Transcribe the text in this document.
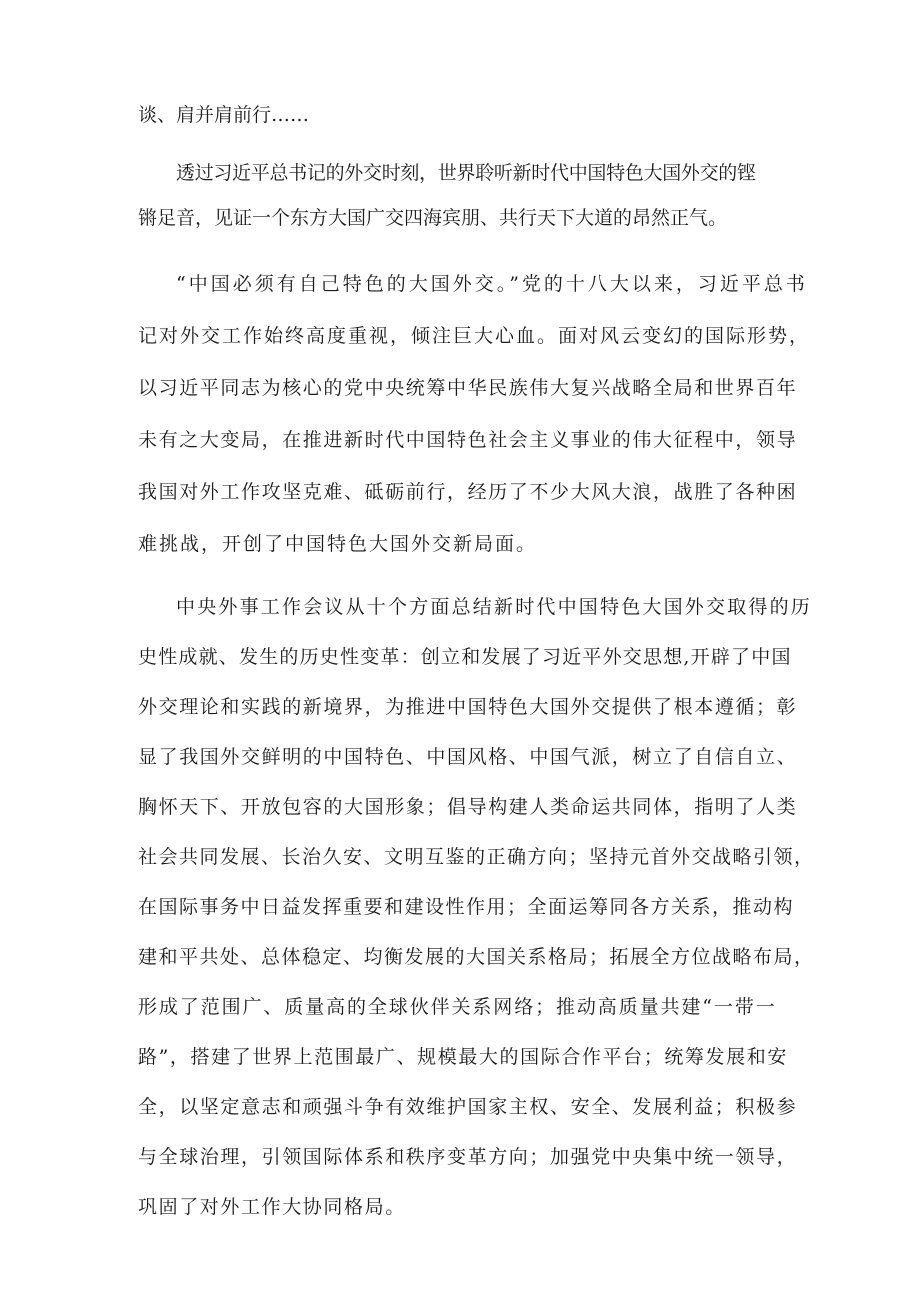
谈、肩并肩前行……
透过习近平总书记的外交时刻，世界聆听新时代中国特色大国外交的铿
锵足音，见证一个东方大国广交四海宾朋、共行天下大道的昂然正气。
“中国必须有自己特色的大国外交。”党的十八大以来，习近平总书
记对外交工作始终高度重视，倾注巨大心血。面对风云变幻的国际形势，
以习近平同志为核心的党中央统筹中华民族伟大复兴战略全局和世界百年
未有之大变局，在推进新时代中国特色社会主义事业的伟大征程中，领导
我国对外工作攻坚克难、砥砺前行，经历了不少大风大浪，战胜了各种困
难挑战，开创了中国特色大国外交新局面。
中央外事工作会议从十个方面总结新时代中国特色大国外交取得的历
史性成就、发生的历史性变革：创立和发展了习近平外交思想,开辟了中国
外交理论和实践的新境界，为推进中国特色大国外交提供了根本遵循；彰
显了我国外交鲜明的中国特色、中国风格、中国气派，树立了自信自立、
胸怀天下、开放包容的大国形象；倡导构建人类命运共同体，指明了人类
社会共同发展、长治久安、文明互鉴的正确方向；坚持元首外交战略引领，
在国际事务中日益发挥重要和建设性作用；全面运筹同各方关系，推动构
建和平共处、总体稳定、均衡发展的大国关系格局；拓展全方位战略布局，
形成了范围广、质量高的全球伙伴关系网络；推动高质量共建“一带一
路”，搭建了世界上范围最广、规模最大的国际合作平台；统筹发展和安
全，以坚定意志和顽强斗争有效维护国家主权、安全、发展利益；积极参
与全球治理，引领国际体系和秩序变革方向；加强党中央集中统一领导，
巩固了对外工作大协同格局。
